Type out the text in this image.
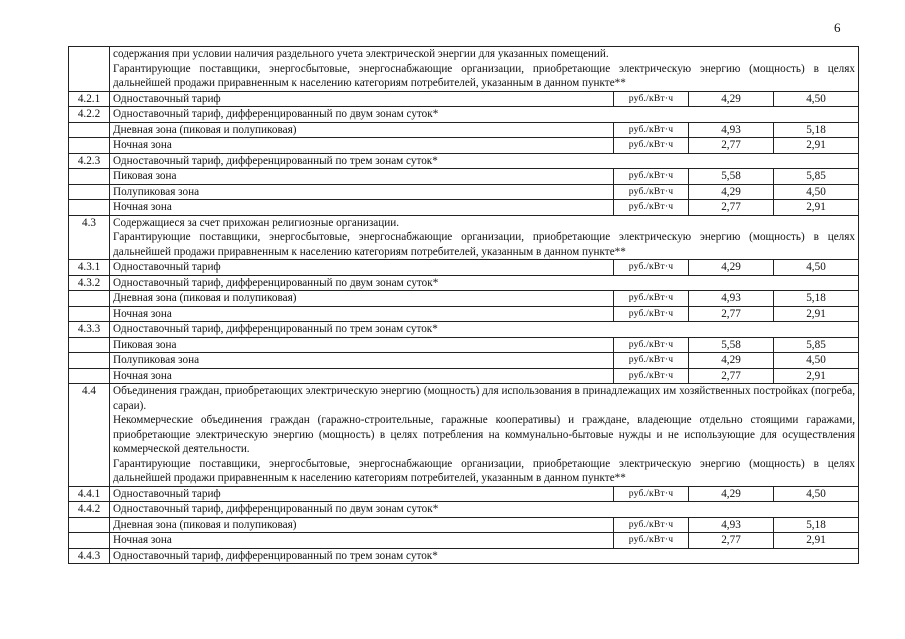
6

	содержания при условии наличия раздельного учета электрической энергии для указанных помещений.
Гарантирующие поставщики, энергосбытовые, энергоснабжающие организации, приобретающие электрическую энергию (мощность) в целях дальнейшей продажи приравненным к населению категориям потребителей, указанным в данном пункте**			

4.2.1	Одноставочный тариф	руб./кВт·ч	4,29	4,50
4.2.2	Одноставочный тариф, дифференцированный по двум зонам суток*			
	Дневная зона (пиковая и полупиковая)	руб./кВт·ч	4,93	5,18
	Ночная зона	руб./кВт·ч	2,77	2,91
4.2.3	Одноставочный тариф, дифференцированный по трем зонам суток*			
	Пиковая зона	руб./кВт·ч	5,58	5,85
	Полупиковая зона	руб./кВт·ч	4,29	4,50
	Ночная зона	руб./кВт·ч	2,77	2,91
4.3	Содержащиеся за счет прихожан религиозные организации.
Гарантирующие поставщики, энергосбытовые, энергоснабжающие организации, приобретающие электрическую энергию (мощность) в целях дальнейшей продажи приравненным к населению категориям потребителей, указанным в данном пункте**			

4.3.1	Одноставочный тариф	руб./кВт·ч	4,29	4,50
4.3.2	Одноставочный тариф, дифференцированный по двум зонам суток*			
	Дневная зона (пиковая и полупиковая)	руб./кВт·ч	4,93	5,18
	Ночная зона	руб./кВт·ч	2,77	2,91
4.3.3	Одноставочный тариф, дифференцированный по трем зонам суток*			
	Пиковая зона	руб./кВт·ч	5,58	5,85
	Полупиковая зона	руб./кВт·ч	4,29	4,50
	Ночная зона	руб./кВт·ч	2,77	2,91
4.4	Объединения граждан, приобретающих электрическую энергию (мощность) для использования в принадлежащих им хозяйственных постройках (погреба, сараи).
Некоммерческие объединения граждан (гаражно-строительные, гаражные кооперативы) и граждане, владеющие отдельно стоящими гаражами, приобретающие электрическую энергию (мощность) в целях потребления на коммунально-бытовые нужды и не использующие для осуществления коммерческой деятельности.
Гарантирующие поставщики, энергосбытовые, энергоснабжающие организации, приобретающие электрическую энергию (мощность) в целях дальнейшей продажи приравненным к населению категориям потребителей, указанным в данном пункте**			

4.4.1	Одноставочный тариф	руб./кВт·ч	4,29	4,50
4.4.2	Одноставочный тариф, дифференцированный по двум зонам суток*			
	Дневная зона (пиковая и полупиковая)	руб./кВт·ч	4,93	5,18
	Ночная зона	руб./кВт·ч	2,77	2,91
4.4.3	Одноставочный тариф, дифференцированный по трем зонам суток*			
